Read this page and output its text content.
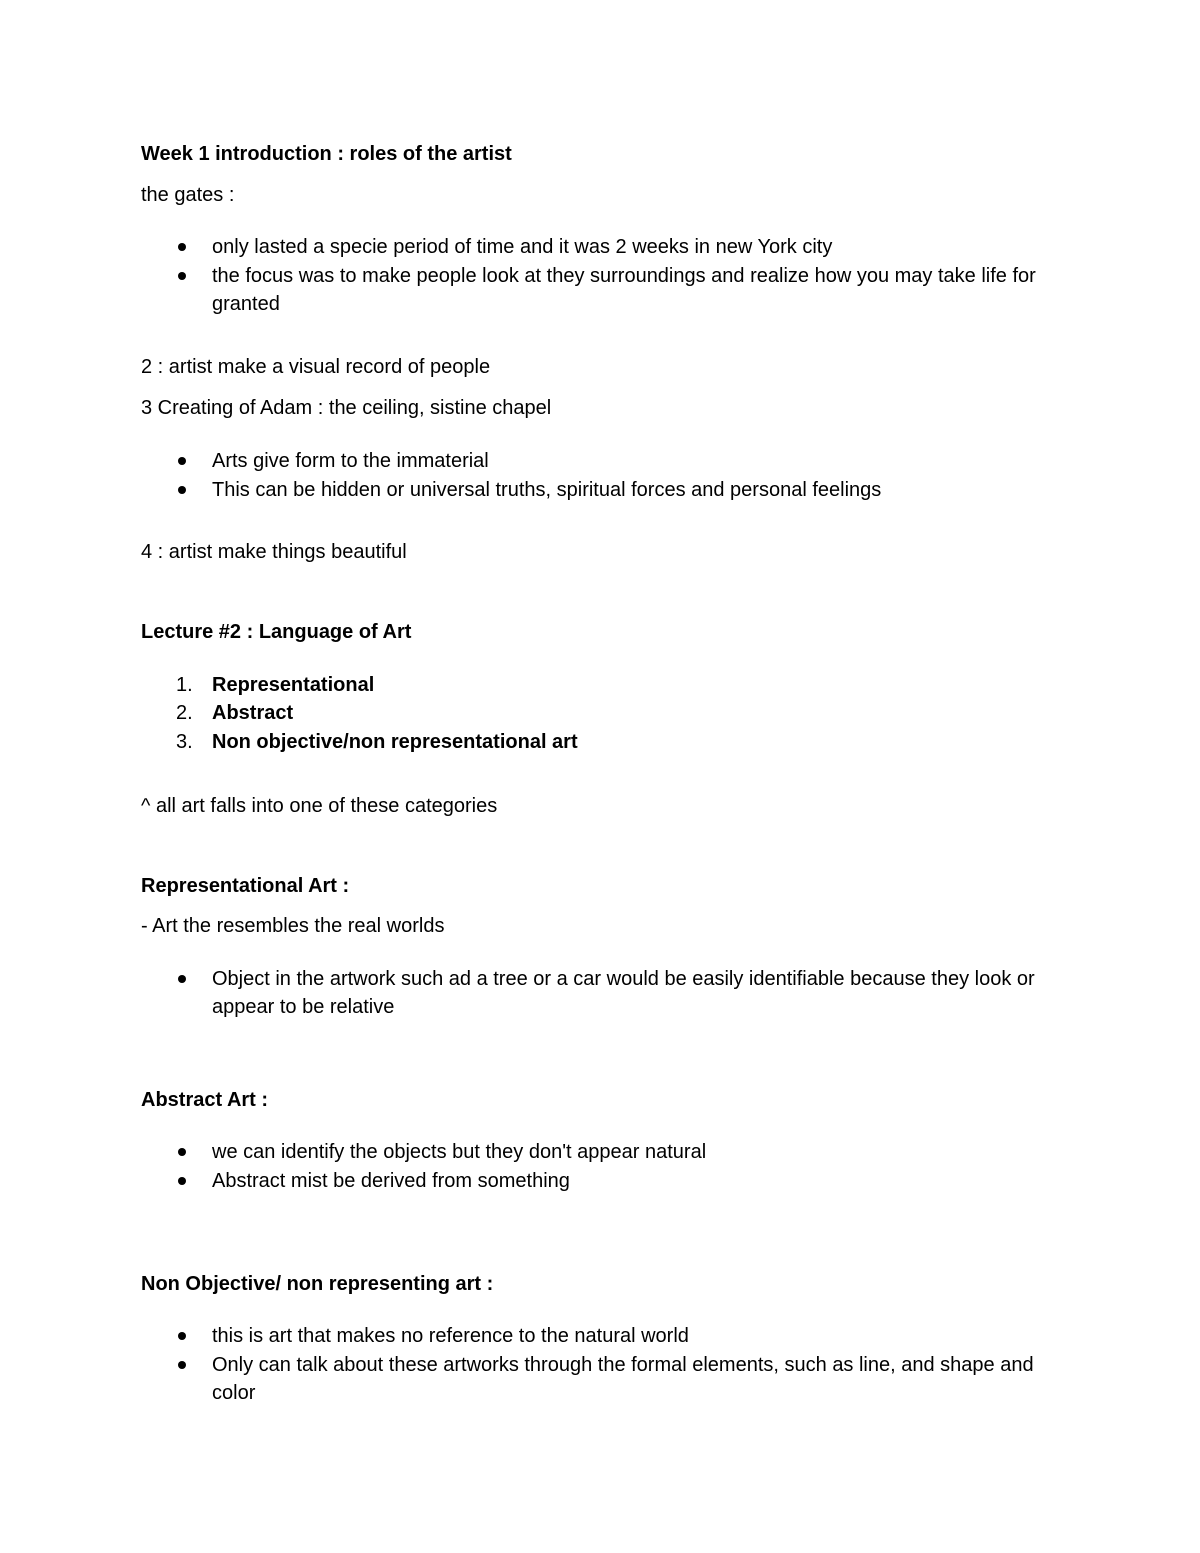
Week 1 introduction : roles of the artist
the gates :
only lasted a specie period of time and it was 2 weeks in new York city
the focus was to make people look at they surroundings and realize how you may take life for granted
2 : artist make a visual record of people
3 Creating of Adam : the ceiling, sistine chapel
Arts give form to the immaterial
This can be hidden or universal truths, spiritual forces and personal feelings
4 : artist make things beautiful
Lecture #2 : Language of Art
1. Representational
2. Abstract
3. Non objective/non representational art
^ all art falls into one of these categories
Representational Art :
- Art the resembles the real worlds
Object in the artwork such ad a tree or a car would be easily identifiable because they look or appear to be relative
Abstract Art :
we can identify the objects but they don't appear natural
Abstract mist be derived from something
Non Objective/ non representing art :
this is art that makes no reference to the natural world
Only can talk about these artworks through the formal elements, such as line, and shape and color
